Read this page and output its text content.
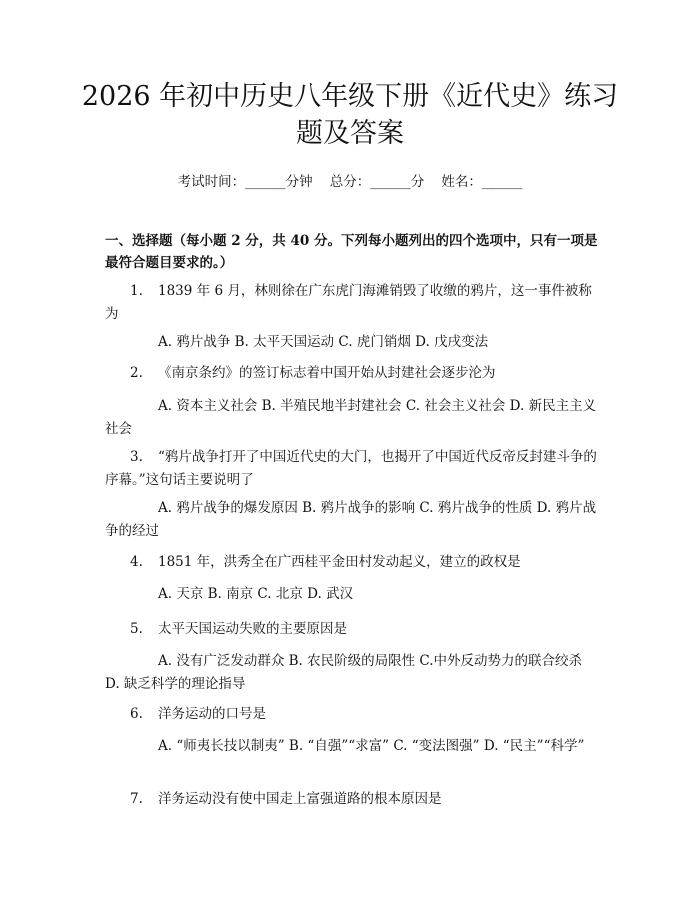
2026 年初中历史八年级下册《近代史》练习
题及答案
考试时间：______分钟    总分：______分    姓名：______

一、选择题（每小题 2 分，共 40 分。下列每小题列出的四个选项中，只有一项是最符合题目要求的。）

1. 1839 年 6 月，林则徐在广东虎门海滩销毁了收缴的鸦片，这一事件被称为

A. 鸦片战争 B. 太平天国运动 C. 虎门销烟 D. 戊戌变法

2. 《南京条约》的签订标志着中国开始从封建社会逐步沦为

A. 资本主义社会 B. 半殖民地半封建社会 C. 社会主义社会 D. 新民主主义社会

3. “鸦片战争打开了中国近代史的大门，也揭开了中国近代反帝反封建斗争的序幕。”这句话主要说明了

A. 鸦片战争的爆发原因 B. 鸦片战争的影响 C. 鸦片战争的性质 D. 鸦片战争的经过

4. 1851 年，洪秀全在广西桂平金田村发动起义，建立的政权是

A. 天京 B. 南京 C. 北京 D. 武汉

5. 太平天国运动失败的主要原因是

A. 没有广泛发动群众 B. 农民阶级的局限性 C.中外反动势力的联合绞杀 D. 缺乏科学的理论指导

6. 洋务运动的口号是

A. “师夷长技以制夷” B. “自强”“求富” C. “变法图强” D. “民主”“科学”

7. 洋务运动没有使中国走上富强道路的根本原因是
